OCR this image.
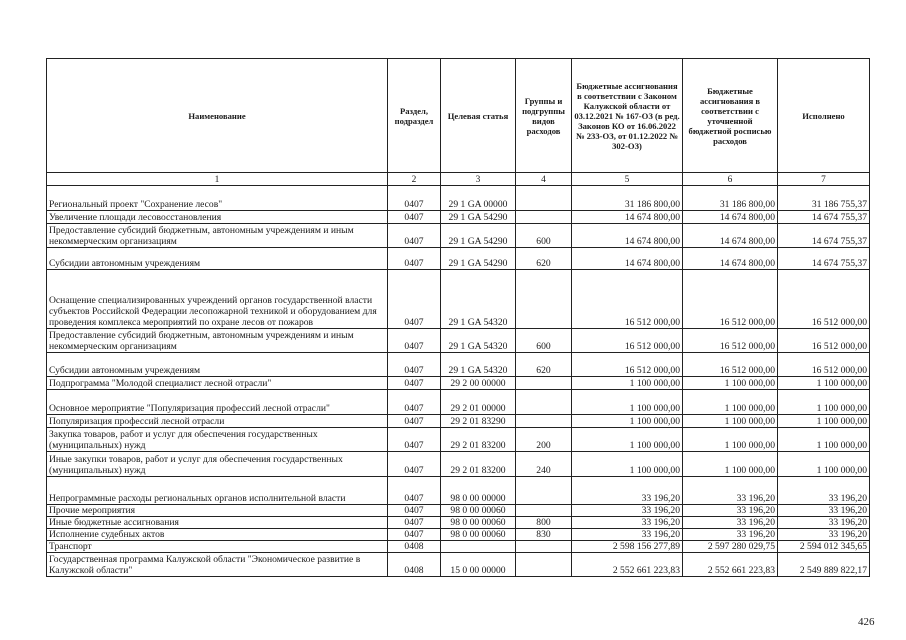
Наименование	Раздел, подраздел	Целевая статья	Группы и подгруппы видов расходов	Бюджетные ассигнования в соответствии с Законом Калужской области от 03.12.2021 № 167-ОЗ (в ред. Законов КО от 16.06.2022 № 233-ОЗ, от 01.12.2022 № 302-ОЗ)	Бюджетные ассигнования в соответствии с уточненной бюджетной росписью расходов	Исполнено
1	2	3	4	5	6	7
Региональный проект "Сохранение лесов"	0407	29 1 GA 00000		31 186 800,00	31 186 800,00	31 186 755,37
Увеличение площади лесовосстановления	0407	29 1 GA 54290		14 674 800,00	14 674 800,00	14 674 755,37
Предоставление субсидий бюджетным, автономным учреждениям и иным некоммерческим организациям	0407	29 1 GA 54290	600	14 674 800,00	14 674 800,00	14 674 755,37
Субсидии автономным учреждениям	0407	29 1 GA 54290	620	14 674 800,00	14 674 800,00	14 674 755,37
Оснащение специализированных учреждений органов государственной власти субъектов Российской Федерации лесопожарной техникой и оборудованием для проведения комплекса мероприятий по охране лесов от пожаров	0407	29 1 GA 54320		16 512 000,00	16 512 000,00	16 512 000,00
Предоставление субсидий бюджетным, автономным учреждениям и иным некоммерческим организациям	0407	29 1 GA 54320	600	16 512 000,00	16 512 000,00	16 512 000,00
Субсидии автономным учреждениям	0407	29 1 GA 54320	620	16 512 000,00	16 512 000,00	16 512 000,00
Подпрограмма "Молодой специалист лесной отрасли"	0407	29 2 00 00000		1 100 000,00	1 100 000,00	1 100 000,00
Основное мероприятие "Популяризация профессий лесной отрасли"	0407	29 2 01 00000		1 100 000,00	1 100 000,00	1 100 000,00
Популяризация профессий лесной отрасли	0407	29 2 01 83290		1 100 000,00	1 100 000,00	1 100 000,00
Закупка товаров, работ и услуг для обеспечения государственных (муниципальных) нужд	0407	29 2 01 83200	200	1 100 000,00	1 100 000,00	1 100 000,00
Иные закупки товаров, работ и услуг для обеспечения государственных (муниципальных) нужд	0407	29 2 01 83200	240	1 100 000,00	1 100 000,00	1 100 000,00
Непрограммные расходы региональных органов исполнительной власти	0407	98 0 00 00000		33 196,20	33 196,20	33 196,20
Прочие мероприятия	0407	98 0 00 00060		33 196,20	33 196,20	33 196,20
Иные бюджетные ассигнования	0407	98 0 00 00060	800	33 196,20	33 196,20	33 196,20
Исполнение судебных актов	0407	98 0 00 00060	830	33 196,20	33 196,20	33 196,20
Транспорт	0408			2 598 156 277,89	2 597 280 029,75	2 594 012 345,65
Государственная программа Калужской области "Экономическое развитие в Калужской области"	0408	15 0 00 00000		2 552 661 223,83	2 552 661 223,83	2 549 889 822,17
426
